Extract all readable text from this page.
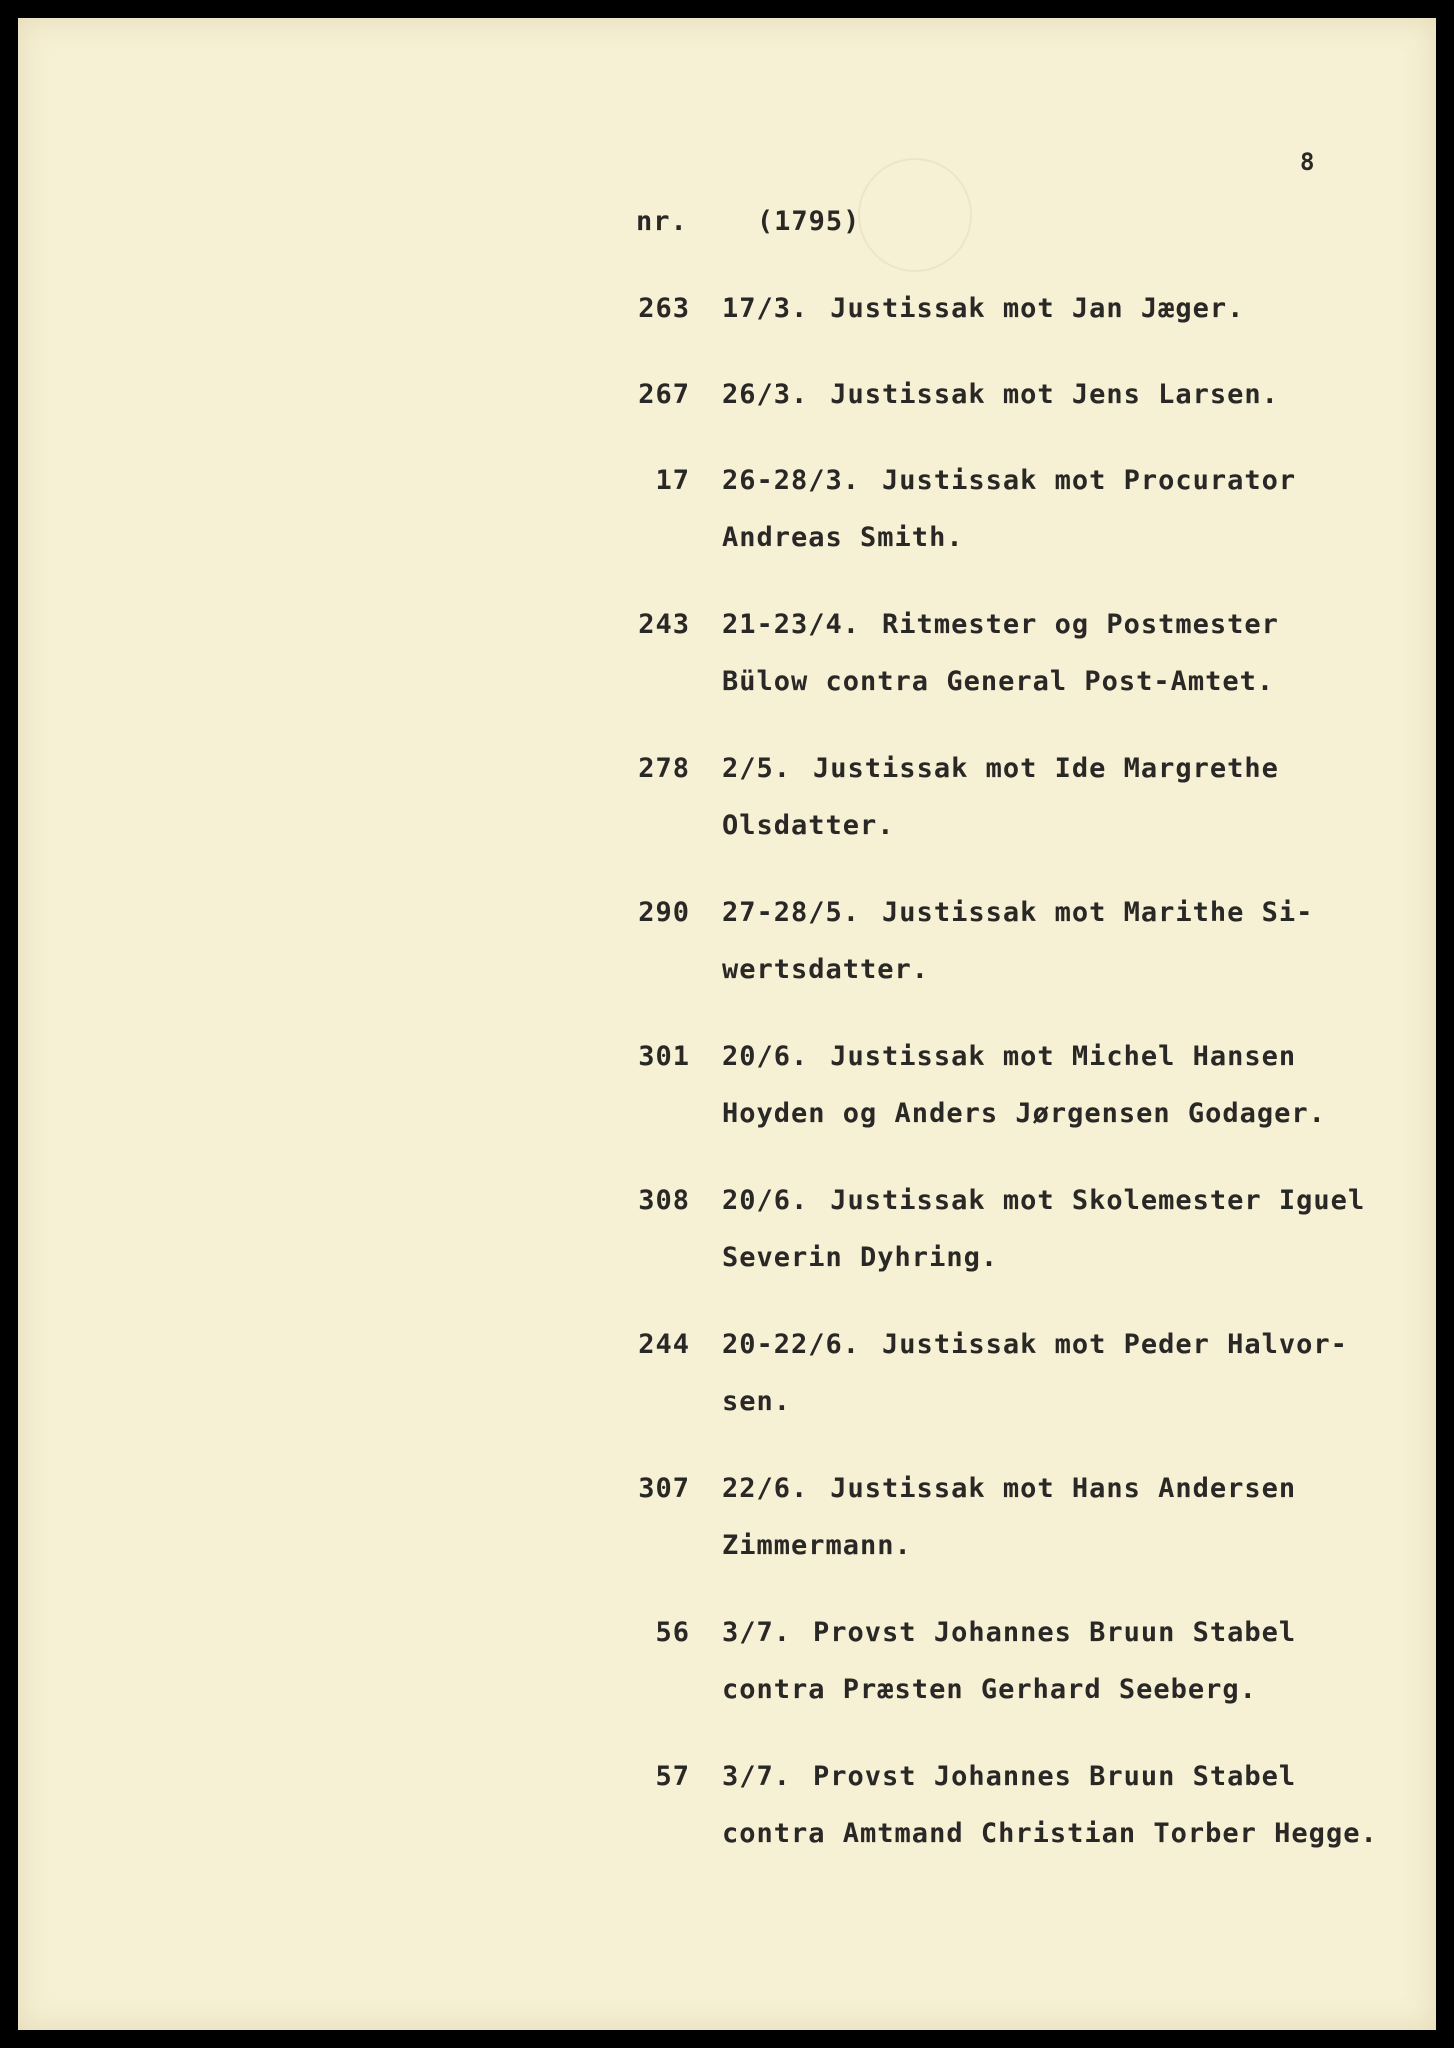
8
nr.	(1795)
263 17/3. Justissak mot Jan Jæger.
267 26/3. Justissak mot Jens Larsen.
17 26-28/3. Justissak mot Procurator
Andreas Smith.
243 21-23/4. Ritmester og Postmester
Bülow contra General Post-Amtet.
278 2/5. Justissak mot Ide Margrethe
Olsdatter.
290 27-28/5. Justissak mot Marithe Si-
wertsdatter.
301 20/6. Justissak mot Michel Hansen
Hoyden og Anders Jørgensen Godager.
308 20/6. Justissak mot Skolemester Iguel
Severin Dyhring.
244 20-22/6. Justissak mot Peder Halvor-
sen.
307 22/6. Justissak mot Hans Andersen
Zimmermann.
56 3/7. Provst Johannes Bruun Stabel
contra Præsten Gerhard Seeberg.
57 3/7. Provst Johannes Bruun Stabel
contra Amtmand Christian Torber Hegge.
